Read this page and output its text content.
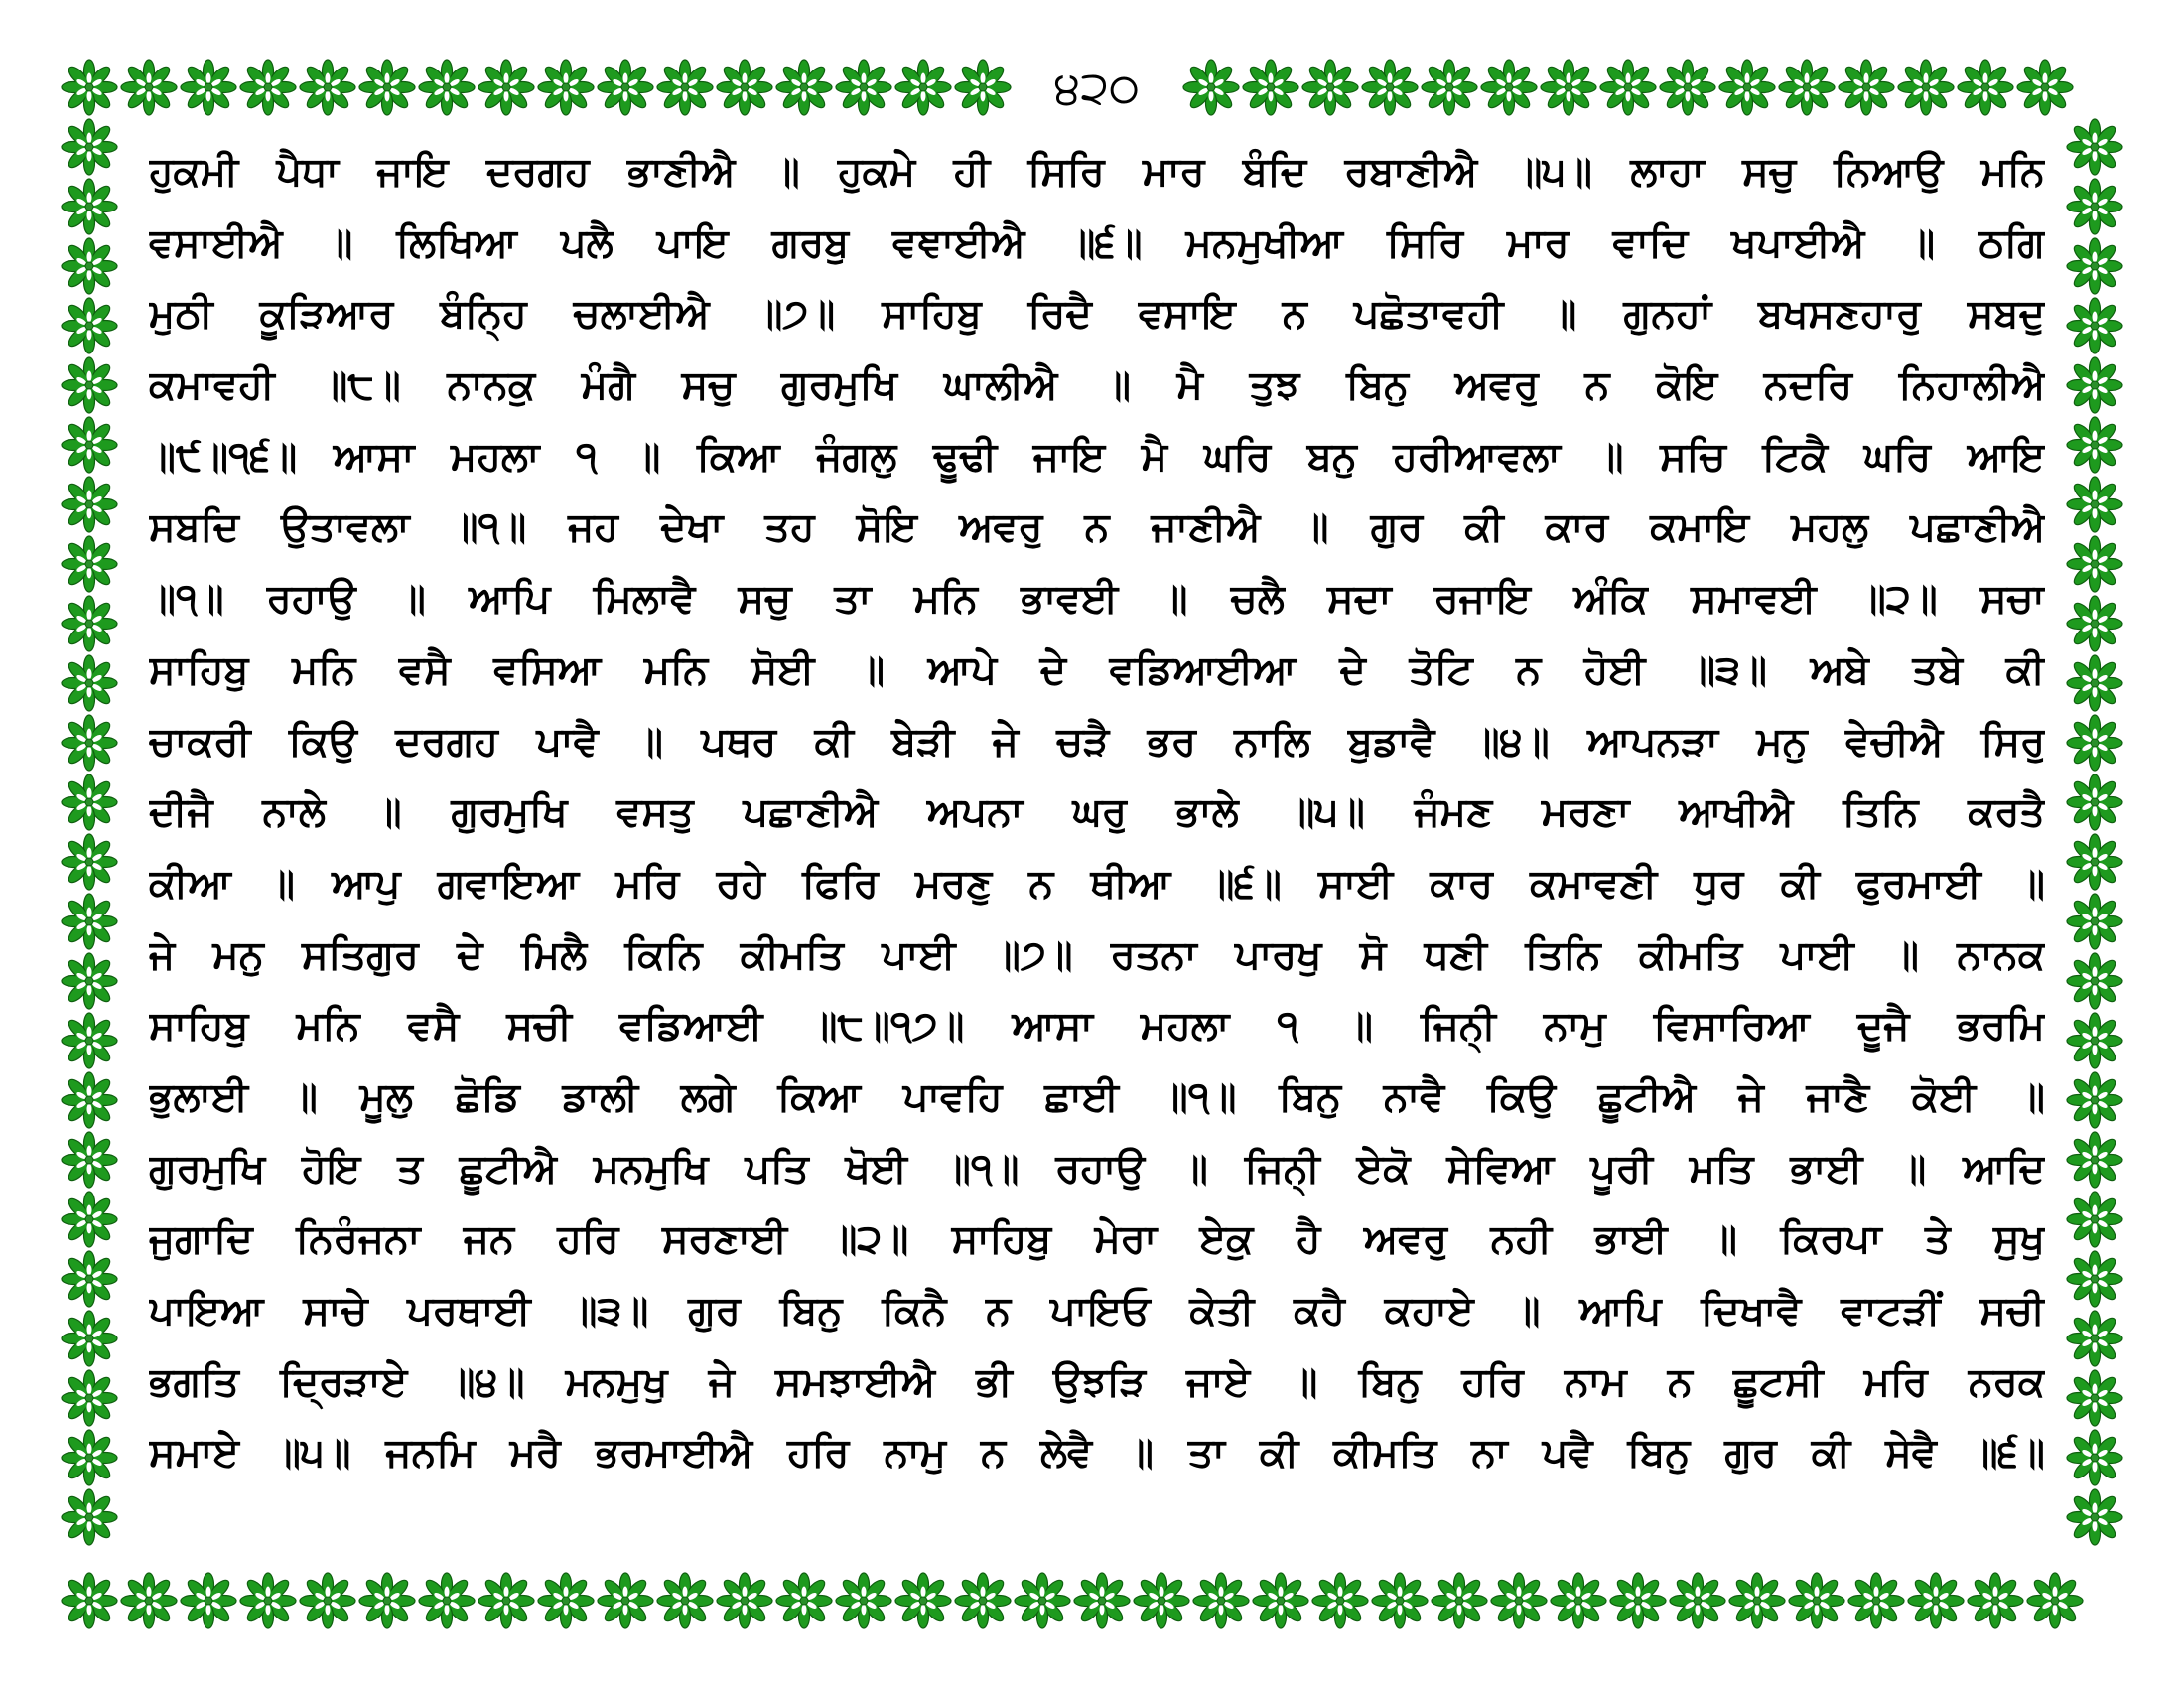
੪੨੦
ਹੁਕਮੀ ਪੈਧਾ ਜਾਇ ਦਰਗਹ ਭਾਣੀਐ ॥ ਹੁਕਮੇ ਹੀ ਸਿਰਿ ਮਾਰ ਬੰਦਿ ਰਬਾਣੀਐ ॥੫॥ ਲਾਹਾ ਸਚੁ ਨਿਆਉ ਮਨਿ
ਵਸਾਈਐ ॥ ਲਿਖਿਆ ਪਲੈ ਪਾਇ ਗਰਬੁ ਵਞਾਈਐ ॥੬॥ ਮਨਮੁਖੀਆ ਸਿਰਿ ਮਾਰ ਵਾਦਿ ਖਪਾਈਐ ॥ ਠਗਿ
ਮੁਠੀ ਕੂੜਿਆਰ ਬੰਨ੍ਹਿ ਚਲਾਈਐ ॥੭॥ ਸਾਹਿਬੁ ਰਿਦੈ ਵਸਾਇ ਨ ਪਛੋਤਾਵਹੀ ॥ ਗੁਨਹਾਂ ਬਖਸਣਹਾਰੁ ਸਬਦੁ
ਕਮਾਵਹੀ ॥੮॥ ਨਾਨਕੁ ਮੰਗੈ ਸਚੁ ਗੁਰਮੁਖਿ ਘਾਲੀਐ ॥ ਮੈ ਤੁਝ ਬਿਨੁ ਅਵਰੁ ਨ ਕੋਇ ਨਦਰਿ ਨਿਹਾਲੀਐ
॥੯॥੧੬॥ ਆਸਾ ਮਹਲਾ ੧ ॥ ਕਿਆ ਜੰਗਲੁ ਢੂਢੀ ਜਾਇ ਮੈ ਘਰਿ ਬਨੁ ਹਰੀਆਵਲਾ ॥ ਸਚਿ ਟਿਕੈ ਘਰਿ ਆਇ
ਸਬਦਿ ਉਤਾਵਲਾ ॥੧॥ ਜਹ ਦੇਖਾ ਤਹ ਸੋਇ ਅਵਰੁ ਨ ਜਾਣੀਐ ॥ ਗੁਰ ਕੀ ਕਾਰ ਕਮਾਇ ਮਹਲੁ ਪਛਾਣੀਐ
॥੧॥ ਰਹਾਉ ॥ ਆਪਿ ਮਿਲਾਵੈ ਸਚੁ ਤਾ ਮਨਿ ਭਾਵਈ ॥ ਚਲੈ ਸਦਾ ਰਜਾਇ ਅੰਕਿ ਸਮਾਵਈ ॥੨॥ ਸਚਾ
ਸਾਹਿਬੁ ਮਨਿ ਵਸੈ ਵਸਿਆ ਮਨਿ ਸੋਈ ॥ ਆਪੇ ਦੇ ਵਡਿਆਈਆ ਦੇ ਤੋਟਿ ਨ ਹੋਈ ॥੩॥ ਅਬੇ ਤਬੇ ਕੀ
ਚਾਕਰੀ ਕਿਉ ਦਰਗਹ ਪਾਵੈ ॥ ਪਥਰ ਕੀ ਬੇੜੀ ਜੇ ਚੜੈ ਭਰ ਨਾਲਿ ਬੁਡਾਵੈ ॥੪॥ ਆਪਨੜਾ ਮਨੁ ਵੇਚੀਐ ਸਿਰੁ
ਦੀਜੈ ਨਾਲੇ ॥ ਗੁਰਮੁਖਿ ਵਸਤੁ ਪਛਾਣੀਐ ਅਪਨਾ ਘਰੁ ਭਾਲੇ ॥੫॥ ਜੰਮਣ ਮਰਣਾ ਆਖੀਐ ਤਿਨਿ ਕਰਤੈ
ਕੀਆ ॥ ਆਪੁ ਗਵਾਇਆ ਮਰਿ ਰਹੇ ਫਿਰਿ ਮਰਣੁ ਨ ਥੀਆ ॥੬॥ ਸਾਈ ਕਾਰ ਕਮਾਵਣੀ ਧੁਰ ਕੀ ਫੁਰਮਾਈ ॥
ਜੇ ਮਨੁ ਸਤਿਗੁਰ ਦੇ ਮਿਲੈ ਕਿਨਿ ਕੀਮਤਿ ਪਾਈ ॥੭॥ ਰਤਨਾ ਪਾਰਖੁ ਸੋ ਧਣੀ ਤਿਨਿ ਕੀਮਤਿ ਪਾਈ ॥ ਨਾਨਕ
ਸਾਹਿਬੁ ਮਨਿ ਵਸੈ ਸਚੀ ਵਡਿਆਈ ॥੮॥੧੭॥ ਆਸਾ ਮਹਲਾ ੧ ॥ ਜਿਨੀ੍ ਨਾਮੁ ਵਿਸਾਰਿਆ ਦੂਜੈ ਭਰਮਿ
ਭੁਲਾਈ ॥ ਮੂਲੁ ਛੋਡਿ ਡਾਲੀ ਲਗੇ ਕਿਆ ਪਾਵਹਿ ਛਾਈ ॥੧॥ ਬਿਨੁ ਨਾਵੈ ਕਿਉ ਛੂਟੀਐ ਜੇ ਜਾਣੈ ਕੋਈ ॥
ਗੁਰਮੁਖਿ ਹੋਇ ਤ ਛੂਟੀਐ ਮਨਮੁਖਿ ਪਤਿ ਖੋਈ ॥੧॥ ਰਹਾਉ ॥ ਜਿਨੀ੍ ਏਕੋ ਸੇਵਿਆ ਪੂਰੀ ਮਤਿ ਭਾਈ ॥ ਆਦਿ
ਜੁਗਾਦਿ ਨਿਰੰਜਨਾ ਜਨ ਹਰਿ ਸਰਣਾਈ ॥੨॥ ਸਾਹਿਬੁ ਮੇਰਾ ਏਕੁ ਹੈ ਅਵਰੁ ਨਹੀ ਭਾਈ ॥ ਕਿਰਪਾ ਤੇ ਸੁਖੁ
ਪਾਇਆ ਸਾਚੇ ਪਰਥਾਈ ॥੩॥ ਗੁਰ ਬਿਨੁ ਕਿਨੈ ਨ ਪਾਇਓ ਕੇਤੀ ਕਹੈ ਕਹਾਏ ॥ ਆਪਿ ਦਿਖਾਵੈ ਵਾਟੜੀਂ ਸਚੀ
ਭਗਤਿ ਦ੍ਰਿੜਾਏ ॥੪॥ ਮਨਮੁਖੁ ਜੇ ਸਮਝਾਈਐ ਭੀ ਉਝੜਿ ਜਾਏ ॥ ਬਿਨੁ ਹਰਿ ਨਾਮ ਨ ਛੂਟਸੀ ਮਰਿ ਨਰਕ
ਸਮਾਏ ॥੫॥ ਜਨਮਿ ਮਰੈ ਭਰਮਾਈਐ ਹਰਿ ਨਾਮੁ ਨ ਲੇਵੈ ॥ ਤਾ ਕੀ ਕੀਮਤਿ ਨਾ ਪਵੈ ਬਿਨੁ ਗੁਰ ਕੀ ਸੇਵੈ ॥੬॥
